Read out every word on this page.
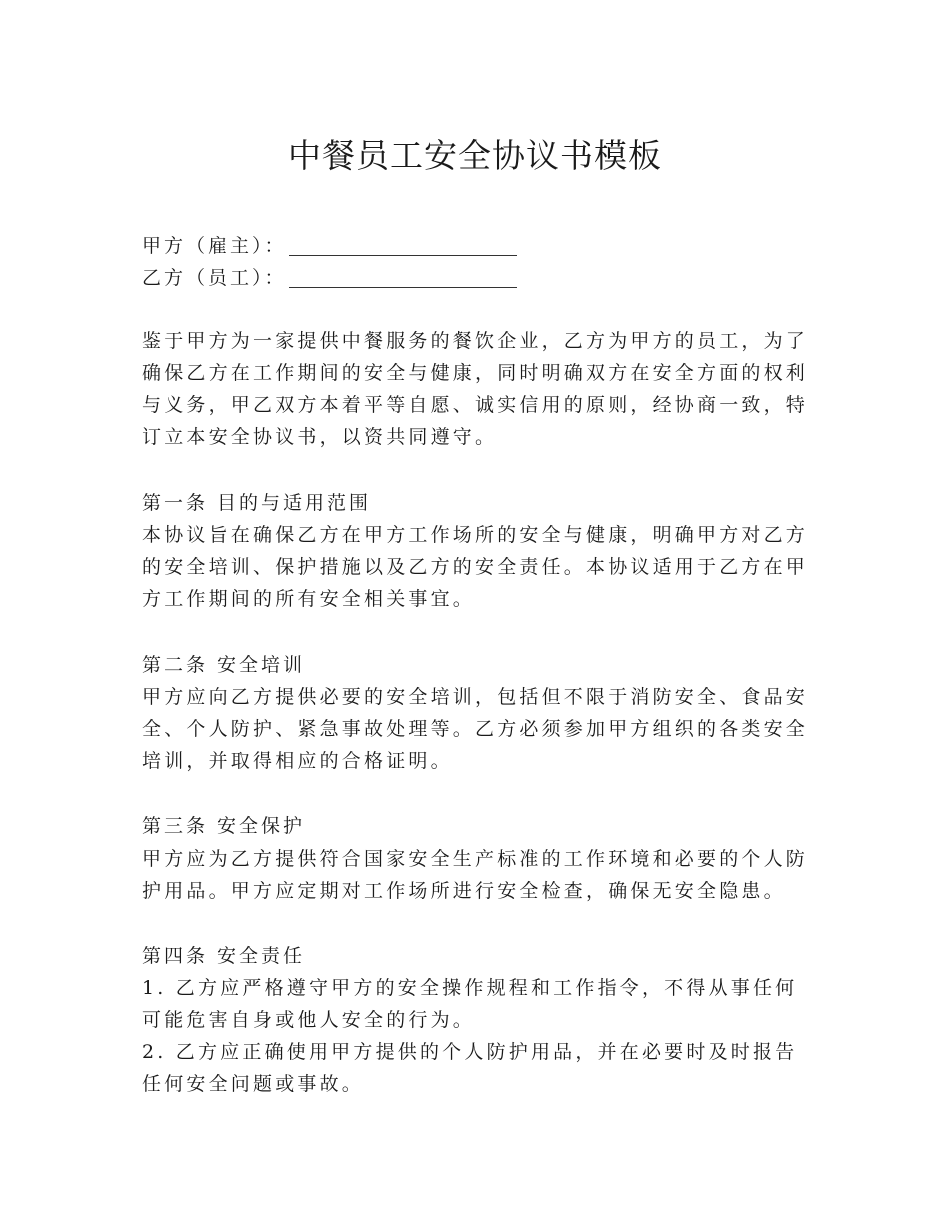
中餐员工安全协议书模板
甲方（雇主）：
乙方（员工）：

鉴于甲方为一家提供中餐服务的餐饮企业，乙方为甲方的员工，为了确保乙方在工作期间的安全与健康，同时明确双方在安全方面的权利与义务，甲乙双方本着平等自愿、诚实信用的原则，经协商一致，特订立本安全协议书，以资共同遵守。

第一条 目的与适用范围

本协议旨在确保乙方在甲方工作场所的安全与健康，明确甲方对乙方的安全培训、保护措施以及乙方的安全责任。本协议适用于乙方在甲方工作期间的所有安全相关事宜。

第二条 安全培训

甲方应向乙方提供必要的安全培训，包括但不限于消防安全、食品安全、个人防护、紧急事故处理等。乙方必须参加甲方组织的各类安全培训，并取得相应的合格证明。

第三条 安全保护

甲方应为乙方提供符合国家安全生产标准的工作环境和必要的个人防护用品。甲方应定期对工作场所进行安全检查，确保无安全隐患。

第四条 安全责任

1. 乙方应严格遵守甲方的安全操作规程和工作指令，不得从事任何可能危害自身或他人安全的行为。

2. 乙方应正确使用甲方提供的个人防护用品，并在必要时及时报告任何安全问题或事故。
